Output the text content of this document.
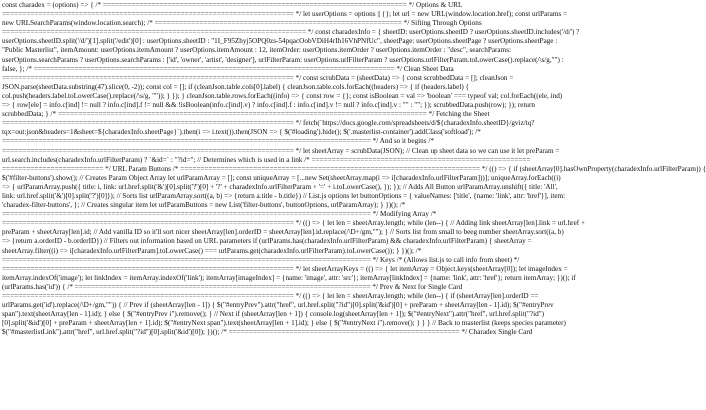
const charadex = (options) => { /* =========================================================================== */ Options & URL
======================================================================== */ let userOptions = options || {}; let url = new URL(window.location.href); const urlParams =
new URLSearchParams(window.location.search); /* ============================================================= */ Sifting Through Options
=========================================================================== */ const charadexInfo = { sheetID: userOptions.sheetID ? userOptions.sheetID.includes('/d/') ?
userOptions.sheetID.split('/d/')[1].split('/edit')[0] : userOptions.sheetID : "1I_F95Zhyj5OPQ0zs-54pqacOobVDiH4rIh16VhPNfUc", sheetPage: userOptions.sheetPage ? userOptions.sheetPage :
"Public Masterlist", itemAmount: userOptions.itemAmount ? userOptions.itemAmount : 12, itemOrder: userOptions.itemOrder ? userOptions.itemOrder : "desc", searchParams:
userOptions.searchParams ? userOptions.searchParams : ['id', 'owner', 'artist', 'designer'], urlFilterParam: userOptions.urlFilterParam ? userOptions.urlFilterParam.toLowerCase().replace(/\s/g,"") :
false, }; /* ========================================================================================= */ Clean Sheet Data
======================================================================== */ const scrubData = (sheetData) => { const scrubbedData = []; cleanJson =
JSON.parse(sheetData.substring(47).slice(0, -2)); const col = []; if (cleanJson.table.cols[0].label) { cleanJson.table.cols.forEach((headers) => { if (headers.label) {
col.push(headers.label.toLowerCase().replace(/\s/g, "")); } }); } cleanJson.table.rows.forEach((info) => { const row = {}; const isBoolean = val => 'boolean' === typeof val; col.forEach((ele, ind)
=> { row[ele] = info.c[ind] != null ? info.c[ind].f != null && !isBoolean(info.c[ind].v) ? info.c[ind].f : info.c[ind].v != null ? info.c[ind].v : "" : ""; }); scrubbedData.push(row); }); return
scrubbedData; } /* =========================================================================================== */ Fetching the Sheet
======================================================================== */ fetch(`https://docs.google.com/spreadsheets/d/${charadexInfo.sheetID}/gviz/tq?
tqx=out:json&headers=1&sheet=${charadexInfo.sheetPage}`).then(i => i.text()).then(JSON => { $('#loading').hide(); $('.masterlist-container').addClass('softload'); /*
=========================================================================================== */ And so it begins /*
======================================================================== */ let sheetArray = scrubData(JSON); // Clean up sheet data so we can use it let preParam =
url.search.includes(charadexInfo.urlFilterParam) ? `&id=` : "?id="; // Determines which is used in a link /* ======================================================
========================= */ URL Param Buttons /* ========================================================================== */ (() => { if (sheetArray[0].hasOwnProperty(charadexInfo.urlFilterParam)) {
$('#filter-buttons').show(); // Creates Param Object Array let urlParamArray = []; const uniqueArray = [...new Set(sheetArray.map(i => i[charadexInfo.urlFilterParam]))]; uniqueArray.forEach((i)
=> { urlParamArray.push({ title: i, link: url.href.split('&')[0].split('?')[0] + '?' + charadexInfo.urlFilterParam + '=' + i.toLowerCase(), }); }); // Adds All Button urlParamArray.unshift({ title: 'All',
link: url.href.split('&')[0].split('?')[0]}); // Sorts list urlParamArray.sort((a, b) => {return a.title - b.title}) // List.js options let buttonOptions = { valueNames: ['title', {name: 'link', attr: 'href'}], item:
'charadex-filter-buttons', }; // Creates singular item let urlParamButtons = new List('filter-buttons', buttonOptions, urlParamArray); } })(); /*
=========================================================================================== */ Modifying Array /*
======================================================================== */ (() => { let len = sheetArray.length; while (len--) { // Adding link sheetArray[len].link = url.href +
preParam + sheetArray[len].id; // Add vanilla ID so it'll sort nicer sheetArray[len].orderID = sheetArray[len].id.replace(/\D+/gm,""); } // Sorts list from small to beeg number sheetArray.sort((a, b)
=> {return a.orderID - b.orderID}) // Filters out information based on URL parameters if (urlParams.has(charadexInfo.urlFilterParam) && charadexInfo.urlFilterParam) { sheetArray =
sheetArray.filter((i) => i[charadexInfo.urlFilterParam].toLowerCase() === urlParams.get(charadexInfo.urlFilterParam).toLowerCase()); } })(); /*
=========================================================================================== */ Keys /* (Allows list.js to call info from sheet) */
======================================================================== */ let sheetArrayKeys = (() => { let itemArray = Object.keys(sheetArray[0]); let imageIndex =
itemArray.indexOf('image'); let linkIndex = itemArray.indexOf('link'); itemArray[imageIndex] = {name: 'image', attr: 'src'}; itemArray[linkIndex] = {name: 'link', attr: 'href'}; return itemArray; })(); if
(urlParams.has('id')) { /* ========================================================================= */ Prev & Next for Single Card
======================================================================== */ (() => { let len = sheetArray.length; while (len--) { if (sheetArray[len].orderID ==
urlParams.get('id').replace(/\D+/gm,"")) { // Prev if (sheetArray[len - 1]) { $("#entryPrev").attr("href", url.href.split("?id")[0].split('&id')[0] + preParam + sheetArray[len - 1].id); $("#entryPrev
span").text(sheetArray[len - 1].id); } else { $("#entryPrev i").remove(); } // Next if (sheetArray[len + 1]) { console.log(sheetArray[len + 1]); $("#entryNext").attr("href", url.href.split("?id")
[0].split('&id')[0] + preParam + sheetArray[len + 1].id); $("#entryNext span").text(sheetArray[len + 1].id); } else { $("#entryNext i").remove(); } } } // Back to masterlist (keeps species parameter)
$("#masterlistLink").attr("href", url.href.split("?id")[0].split('&id')[0]); })(); /* ========================================================= */ Charadex Single Card
